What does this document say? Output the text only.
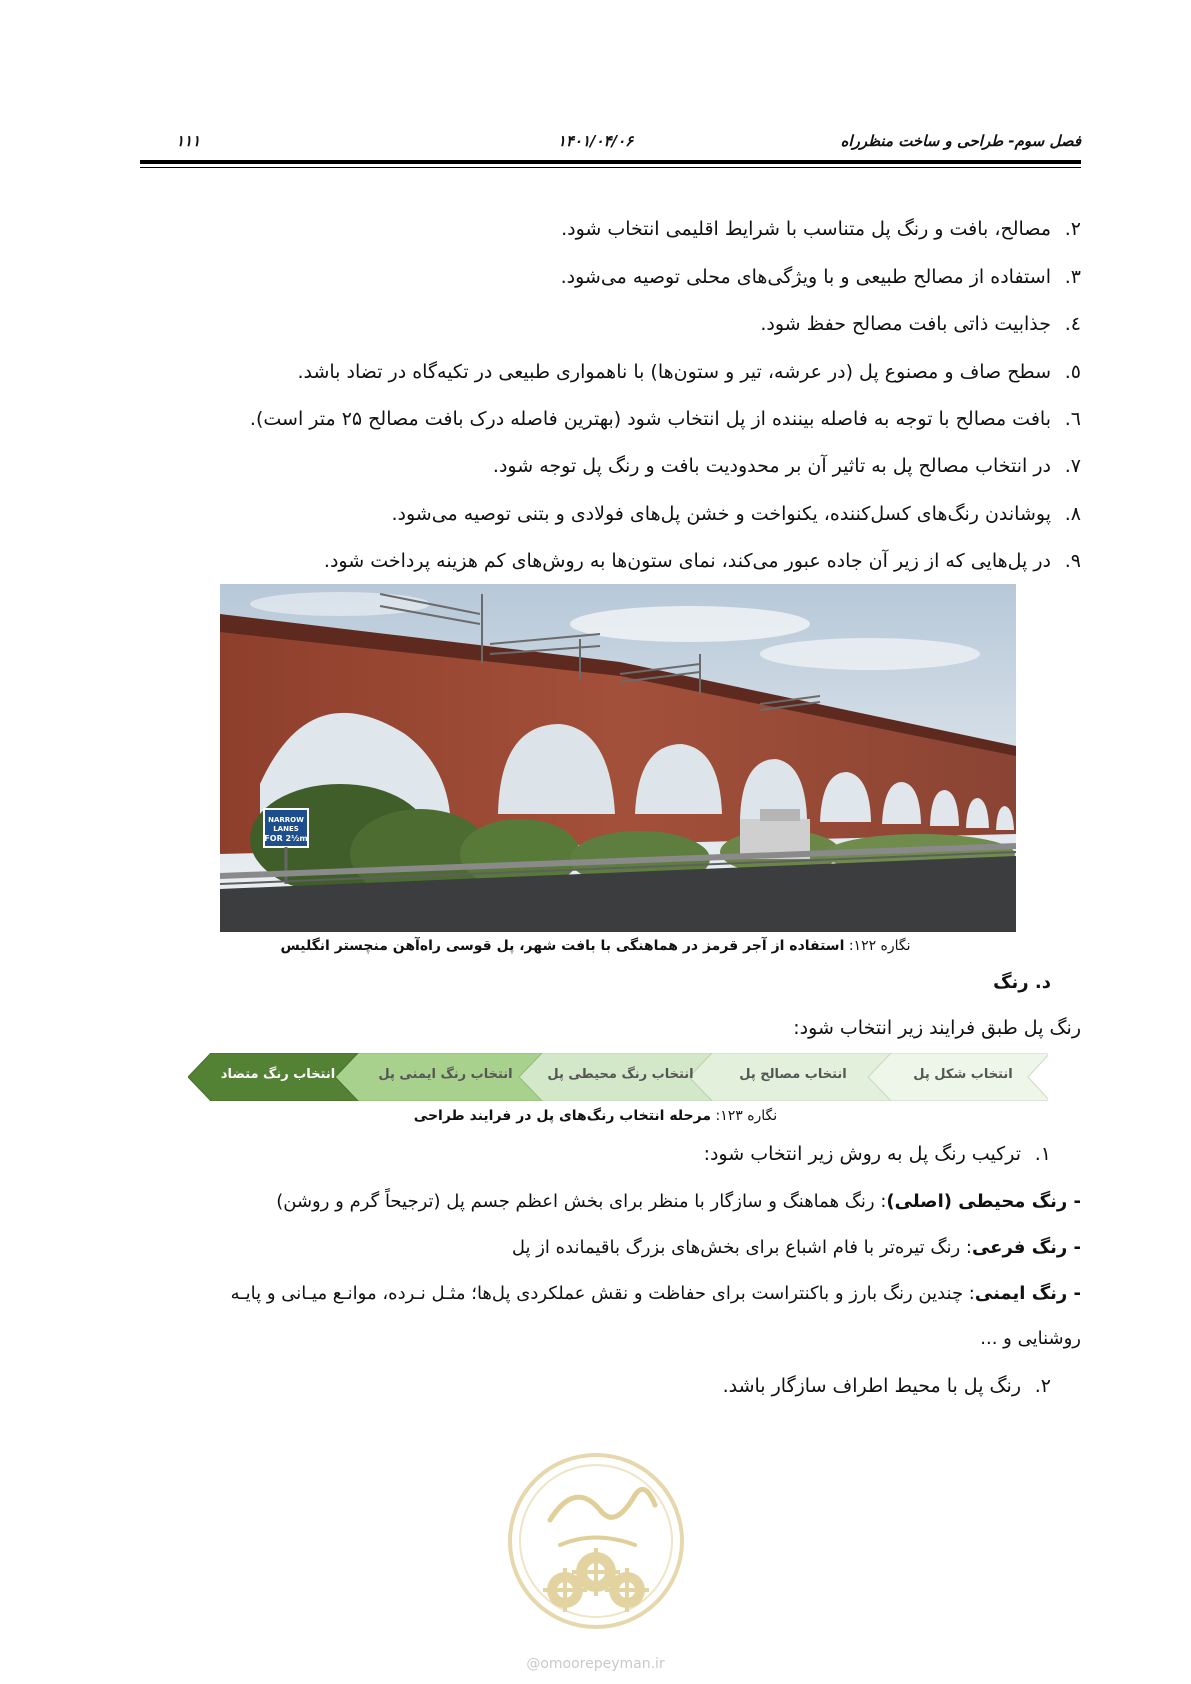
۱۱۱	۱۴۰۱/۰۴/۰۶	فصل سوم- طراحی و ساخت منظرراه
۲.مصالح، بافت و رنگ پل متناسب با شرایط اقلیمی انتخاب شود.
۳.استفاده از مصالح طبیعی و با ویژگی‌های محلی توصیه می‌شود.
٤.جذابیت ذاتی بافت مصالح حفظ شود.
٥.سطح صاف و مصنوع پل (در عرشه، تیر و ستون‌ها) با ناهمواری طبیعی در تکیه‌گاه در تضاد باشد.
٦.بافت مصالح با توجه به فاصله بیننده از پل انتخاب شود (بهترین فاصله درک بافت مصالح ۲۵ متر است).
٧.در انتخاب مصالح پل به تاثیر آن بر محدودیت بافت و رنگ پل توجه شود.
٨.پوشاندن رنگ‌های کسل‌کننده، یکنواخت و خشن پل‌های فولادی و بتنی توصیه می‌شود.
٩.در پل‌هایی که از زیر آن جاده عبور می‌کند، نمای ستون‌ها به روش‌های کم هزینه پرداخت شود.
NARROW
LANES
FOR 2½m
نگاره ۱۲۲: استفاده از آجر قرمز در هماهنگی با بافت شهر، پل قوسی راه‌آهن منچستر انگلیس
د. رنگ
رنگ پل طبق فرایند زیر انتخاب شود:
انتخاب شکل پل
انتخاب مصالح پل
انتخاب رنگ محیطی پل
انتخاب رنگ ایمنی پل
انتخاب رنگ متضاد
نگاره ۱۲۳: مرحله انتخاب رنگ‌های پل در فرایند طراحی
۱.ترکیب رنگ پل به روش زیر انتخاب شود:
- رنگ محیطی (اصلی): رنگ هماهنگ و سازگار با منظر برای بخش اعظم جسم پل (ترجیحاً گرم و روشن)
- رنگ فرعی: رنگ تیره‌تر با فام اشباع برای بخش‌های بزرگ باقیمانده از پل
- رنگ ایمنی: چندین رنگ بارز و باکنتراست برای حفاظت و نقش عملکردی پل‌ها؛ مثـل نـرده، موانـع میـانی و پایـه
روشنایی و ...
۲.رنگ پل با محیط اطراف سازگار باشد.
@omoorepeyman.ir
